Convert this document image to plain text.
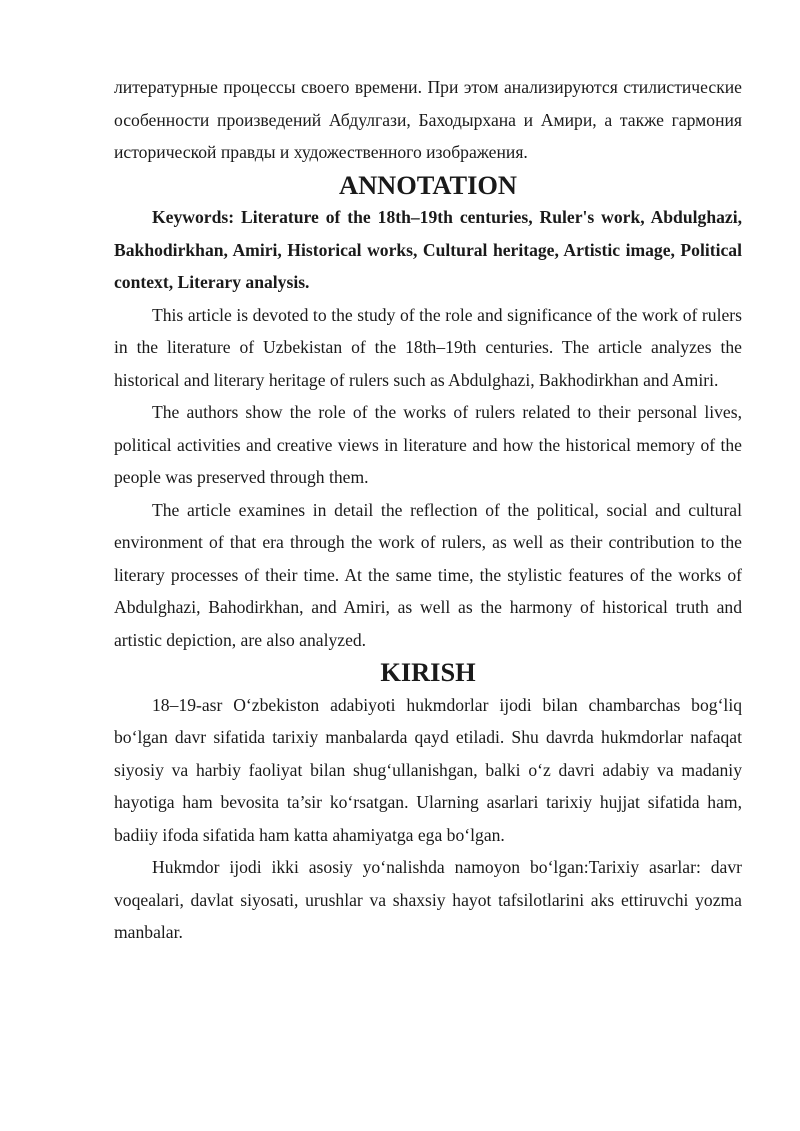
литературные процессы своего времени. При этом анализируются стилистические особенности произведений Абдулгази, Баходырхана и Амири, а также гармония исторической правды и художественного изображения.

ANNOTATION

Keywords: Literature of the 18th–19th centuries, Ruler's work, Abdulghazi, Bakhodirkhan, Amiri, Historical works, Cultural heritage, Artistic image, Political context, Literary analysis.

This article is devoted to the study of the role and significance of the work of rulers in the literature of Uzbekistan of the 18th–19th centuries. The article analyzes the historical and literary heritage of rulers such as Abdulghazi, Bakhodirkhan and Amiri.

The authors show the role of the works of rulers related to their personal lives, political activities and creative views in literature and how the historical memory of the people was preserved through them.

The article examines in detail the reflection of the political, social and cultural environment of that era through the work of rulers, as well as their contribution to the literary processes of their time. At the same time, the stylistic features of the works of Abdulghazi, Bahodirkhan, and Amiri, as well as the harmony of historical truth and artistic depiction, are also analyzed.

KIRISH

18–19-asr O‘zbekiston adabiyoti hukmdorlar ijodi bilan chambarchas bog‘liq bo‘lgan davr sifatida tarixiy manbalarda qayd etiladi. Shu davrda hukmdorlar nafaqat siyosiy va harbiy faoliyat bilan shug‘ullanishgan, balki o‘z davri adabiy va madaniy hayotiga ham bevosita ta’sir ko‘rsatgan. Ularning asarlari tarixiy hujjat sifatida ham, badiiy ifoda sifatida ham katta ahamiyatga ega bo‘lgan.

Hukmdor ijodi ikki asosiy yo‘nalishda namoyon bo‘lgan:Tarixiy asarlar: davr voqealari, davlat siyosati, urushlar va shaxsiy hayot tafsilotlarini aks ettiruvchi yozma manbalar.
